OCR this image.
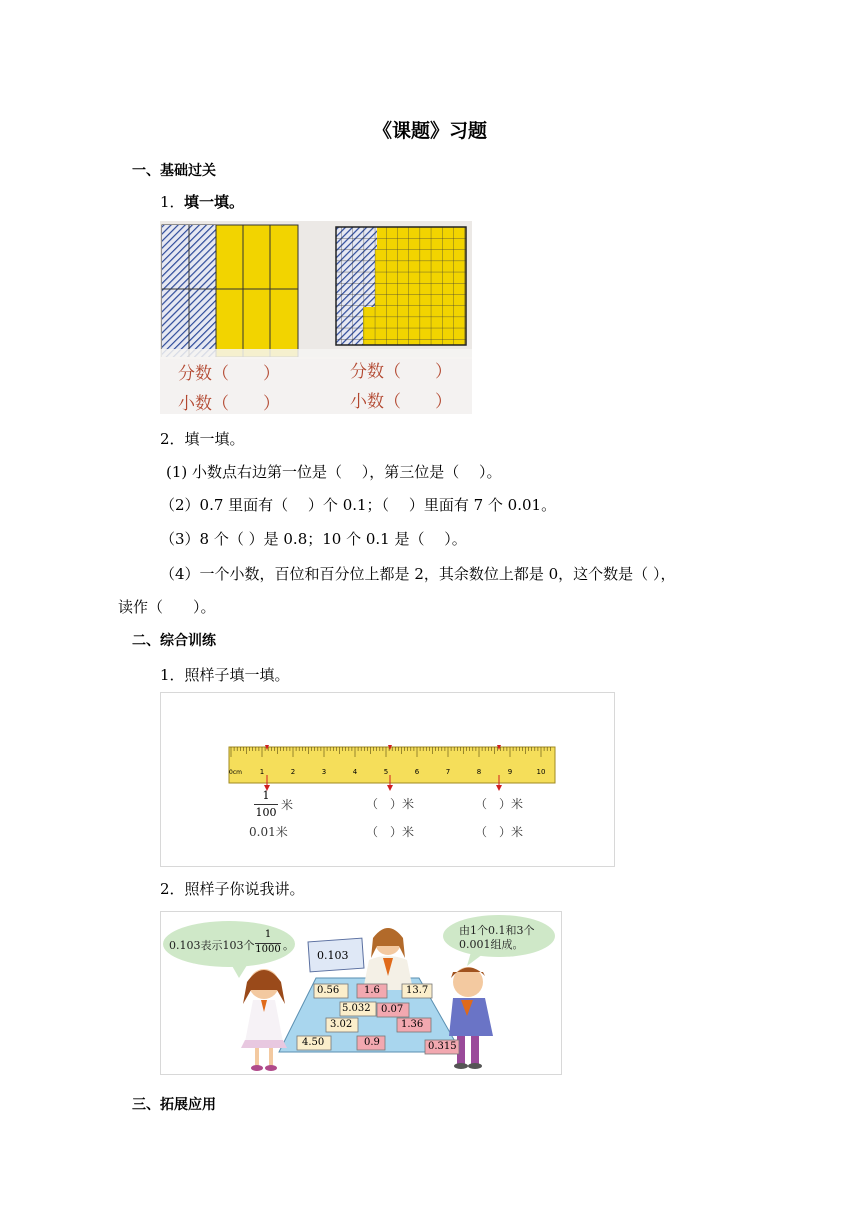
《课题》习题
一、基础过关
1． 填一填。
分数（　　）
小数（　　）
分数（　　）
小数（　　）
2．填一填。
(1) 小数点右边第一位是（　 ），第三位是（　 ）。
（2）0.7 里面有（　 ）个 0.1；（　 ）里面有 7 个 0.01。
（3）8 个（ ）是 0.8；10 个 0.1 是（　 ）。
（4）一个小数，百位和百分位上都是 2，其余数位上都是 0，这个数是（ ），
读作（　　）。
二、综合训练
1．照样子填一填。
0cm	1	2	3	4	5	6	7	8	9	10
1
100
米
0.01米
（　）米	（　）米
（　）米	（　）米
2．照样子你说我讲。
0.103表示103个
1
1000 。
由1个0.1和3个
0.001组成。
0.103
0.56 1.6	13.7
5.032 0.07
3.02	1.36
4.50	0.9	0.315
三、拓展应用
